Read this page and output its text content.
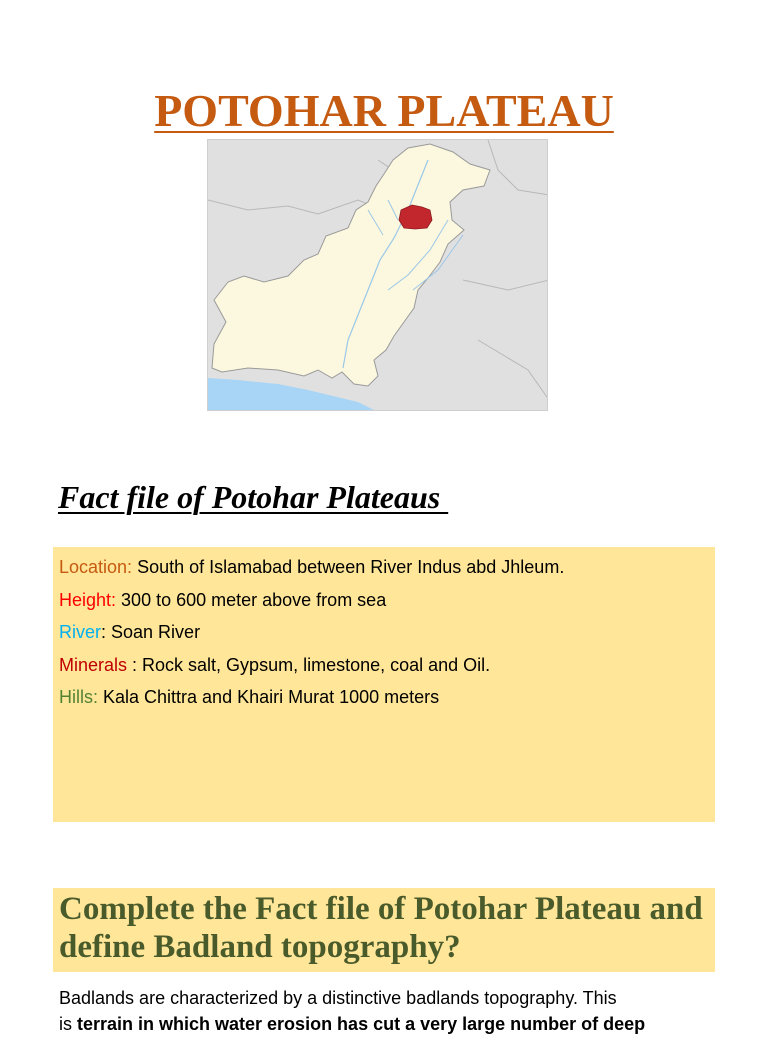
POTOHAR PLATEAU
Fact file of Potohar Plateaus
Location: South of Islamabad between River Indus abd Jhleum.
Height: 300 to 600 meter above from sea
River: Soan River
Minerals : Rock salt, Gypsum, limestone, coal and Oil.
Hills: Kala Chittra and Khairi Murat 1000 meters

Complete the Fact file of Potohar Plateau and define Badland topography?

Badlands are characterized by a distinctive badlands topography. This
is terrain in which water erosion has cut a very large number of deep
